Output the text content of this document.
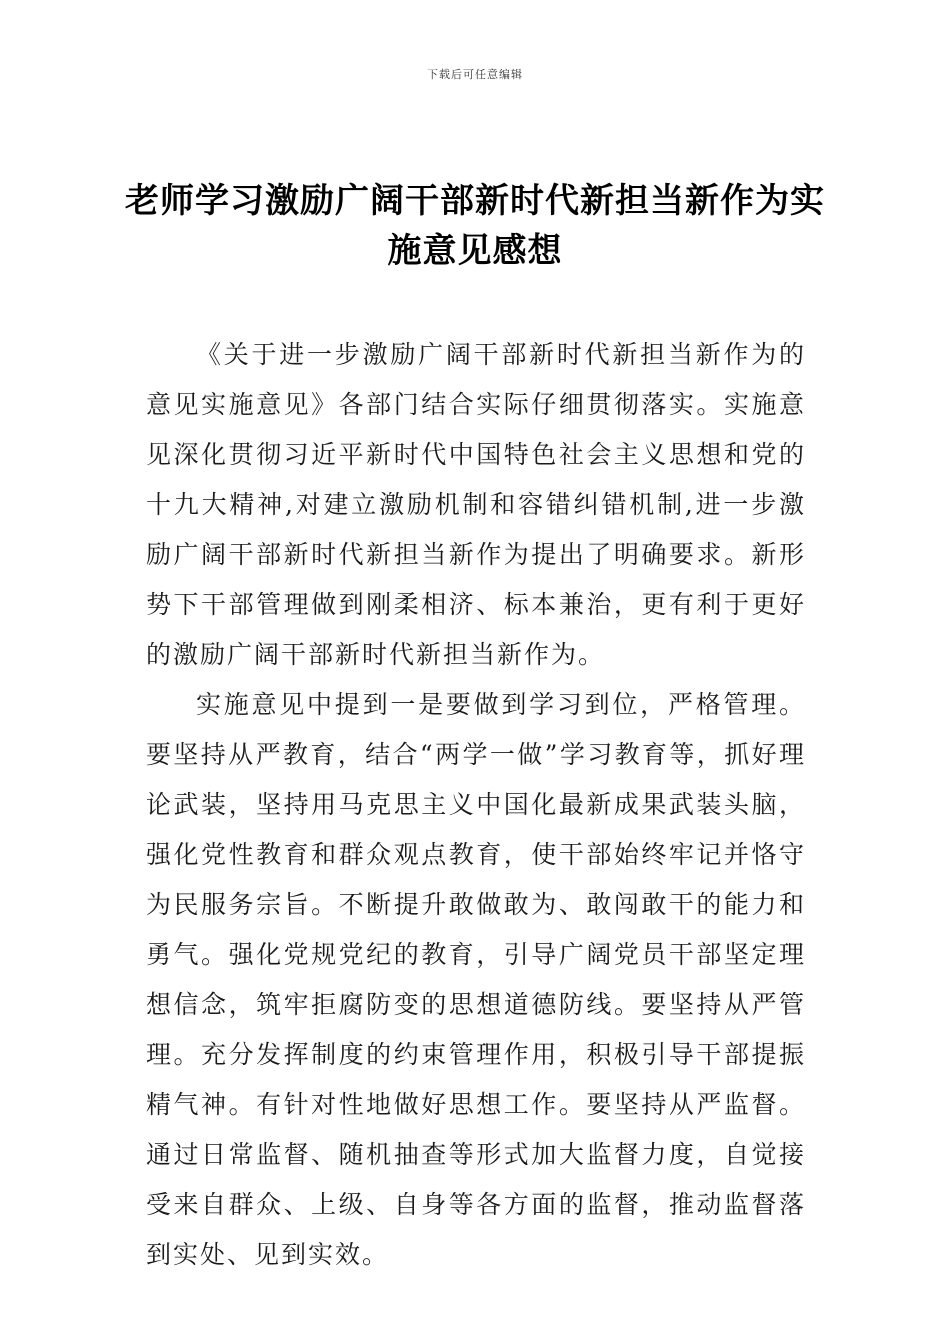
下载后可任意编辑
老师学习激励广阔干部新时代新担当新作为实施意见感想

《关于进一步激励广阔干部新时代新担当新作为的意见实施意见》各部门结合实际仔细贯彻落实。实施意见深化贯彻习近平新时代中国特色社会主义思想和党的十九大精神,对建立激励机制和容错纠错机制,进一步激励广阔干部新时代新担当新作为提出了明确要求。新形势下干部管理做到刚柔相济、标本兼治，更有利于更好的激励广阔干部新时代新担当新作为。

实施意见中提到一是要做到学习到位，严格管理。要坚持从严教育，结合“两学一做”学习教育等，抓好理论武装，坚持用马克思主义中国化最新成果武装头脑，强化党性教育和群众观点教育，使干部始终牢记并恪守为民服务宗旨。不断提升敢做敢为、敢闯敢干的能力和勇气。强化党规党纪的教育，引导广阔党员干部坚定理想信念，筑牢拒腐防变的思想道德防线。要坚持从严管理。充分发挥制度的约束管理作用，积极引导干部提振精气神。有针对性地做好思想工作。要坚持从严监督。通过日常监督、随机抽查等形式加大监督力度，自觉接受来自群众、上级、自身等各方面的监督，推动监督落到实处、见到实效。
